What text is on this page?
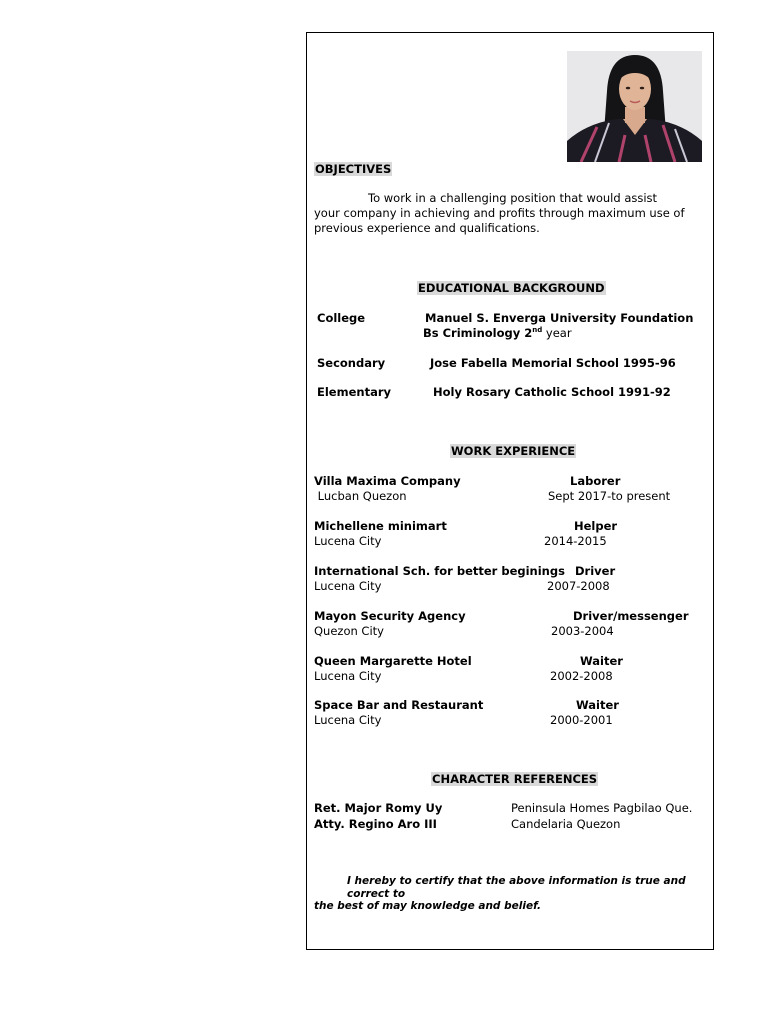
OBJECTIVES
To work in a challenging position that would assist
your company in achieving and profits through maximum use of
previous experience and qualifications.
EDUCATIONAL BACKGROUND
College	Manuel S. Enverga University Foundation
Bs Criminology 2nd year
Secondary	Jose Fabella Memorial School 1995-96
Elementary	Holy Rosary Catholic School 1991-92
WORK EXPERIENCE
Villa Maxima Company	Laborer
Lucban Quezon	Sept 2017-to present
Michellene minimart	Helper
Lucena City	2014-2015
International Sch. for better beginings Driver
Lucena City	2007-2008
Mayon Security Agency	Driver/messenger
Quezon City	2003-2004
Queen Margarette Hotel	Waiter
Lucena City	2002-2008
Space Bar and Restaurant	Waiter
Lucena City	2000-2001
CHARACTER REFERENCES
Ret. Major Romy Uy	Peninsula Homes Pagbilao Que.
Atty. Regino Aro III	Candelaria Quezon
I hereby to certify that the above information is true and correct to
the best of may knowledge and belief.
